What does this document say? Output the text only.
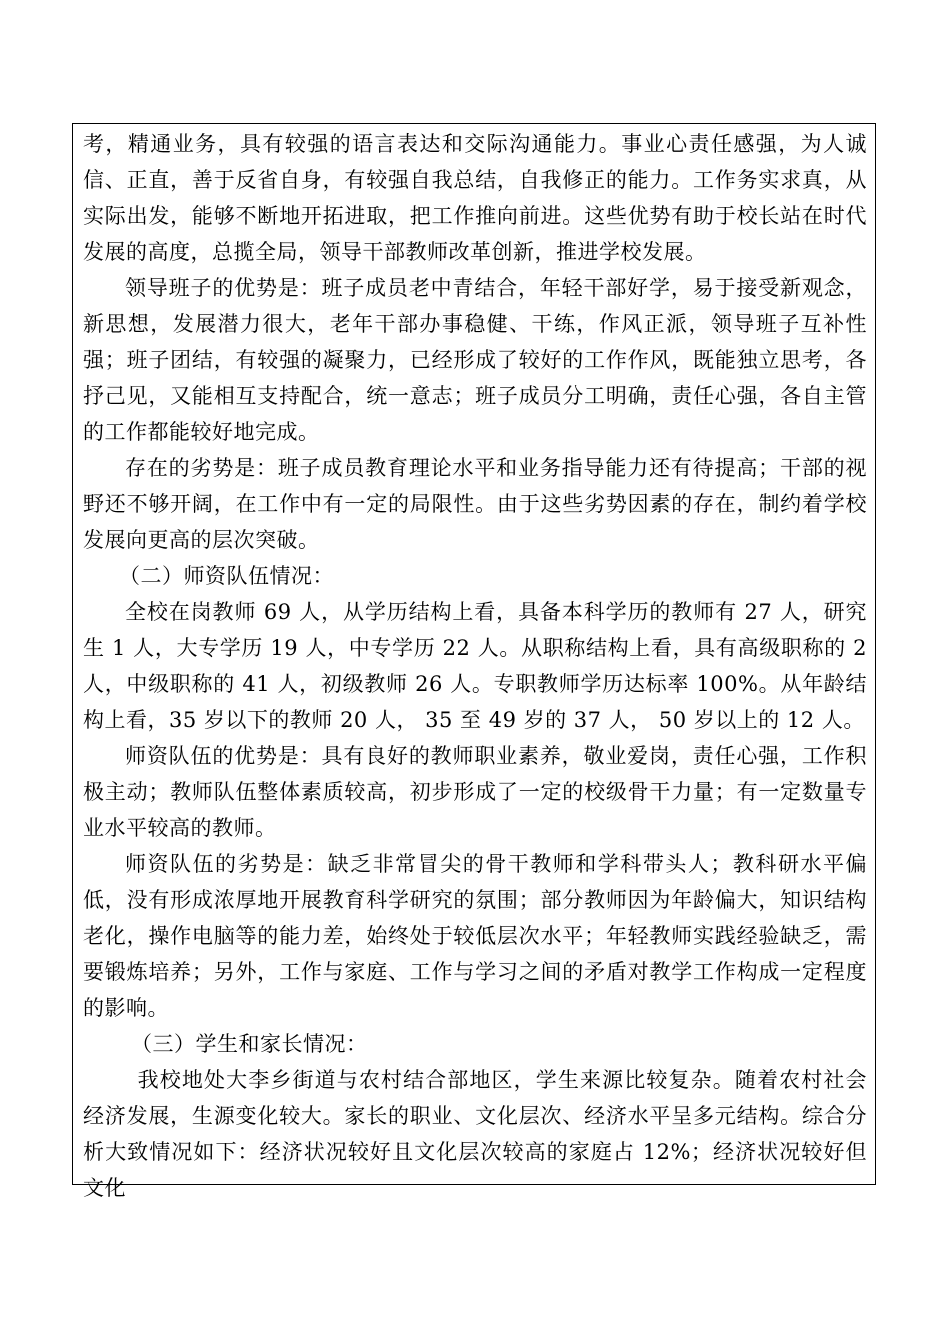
考，精通业务，具有较强的语言表达和交际沟通能力。事业心责任感强，为人诚信、正直，善于反省自身，有较强自我总结，自我修正的能力。工作务实求真，从实际出发，能够不断地开拓进取，把工作推向前进。这些优势有助于校长站在时代发展的高度，总揽全局，领导干部教师改革创新，推进学校发展。

领导班子的优势是：班子成员老中青结合，年轻干部好学，易于接受新观念，新思想，发展潜力很大，老年干部办事稳健、干练，作风正派，领导班子互补性强；班子团结，有较强的凝聚力，已经形成了较好的工作作风，既能独立思考，各抒己见，又能相互支持配合，统一意志；班子成员分工明确，责任心强，各自主管的工作都能较好地完成。

存在的劣势是：班子成员教育理论水平和业务指导能力还有待提高；干部的视野还不够开阔，在工作中有一定的局限性。由于这些劣势因素的存在，制约着学校发展向更高的层次突破。

（二）师资队伍情况：

全校在岗教师 69 人，从学历结构上看，具备本科学历的教师有 27 人，研究生 1 人，大专学历 19 人，中专学历 22 人。从职称结构上看，具有高级职称的 2 人，中级职称的 41 人，初级教师 26 人。专职教师学历达标率 100%。从年龄结构上看，35 岁以下的教师 20 人， 35 至 49 岁的 37 人， 50 岁以上的 12 人。

师资队伍的优势是：具有良好的教师职业素养，敬业爱岗，责任心强，工作积极主动；教师队伍整体素质较高，初步形成了一定的校级骨干力量；有一定数量专业水平较高的教师。

师资队伍的劣势是：缺乏非常冒尖的骨干教师和学科带头人；教科研水平偏低，没有形成浓厚地开展教育科学研究的氛围；部分教师因为年龄偏大，知识结构老化，操作电脑等的能力差，始终处于较低层次水平；年轻教师实践经验缺乏，需要锻炼培养；另外，工作与家庭、工作与学习之间的矛盾对教学工作构成一定程度的影响。

（三）学生和家长情况：

我校地处大李乡街道与农村结合部地区，学生来源比较复杂。随着农村社会经济发展，生源变化较大。家长的职业、文化层次、经济水平呈多元结构。综合分析大致情况如下：经济状况较好且文化层次较高的家庭占 12%；经济状况较好但文化
